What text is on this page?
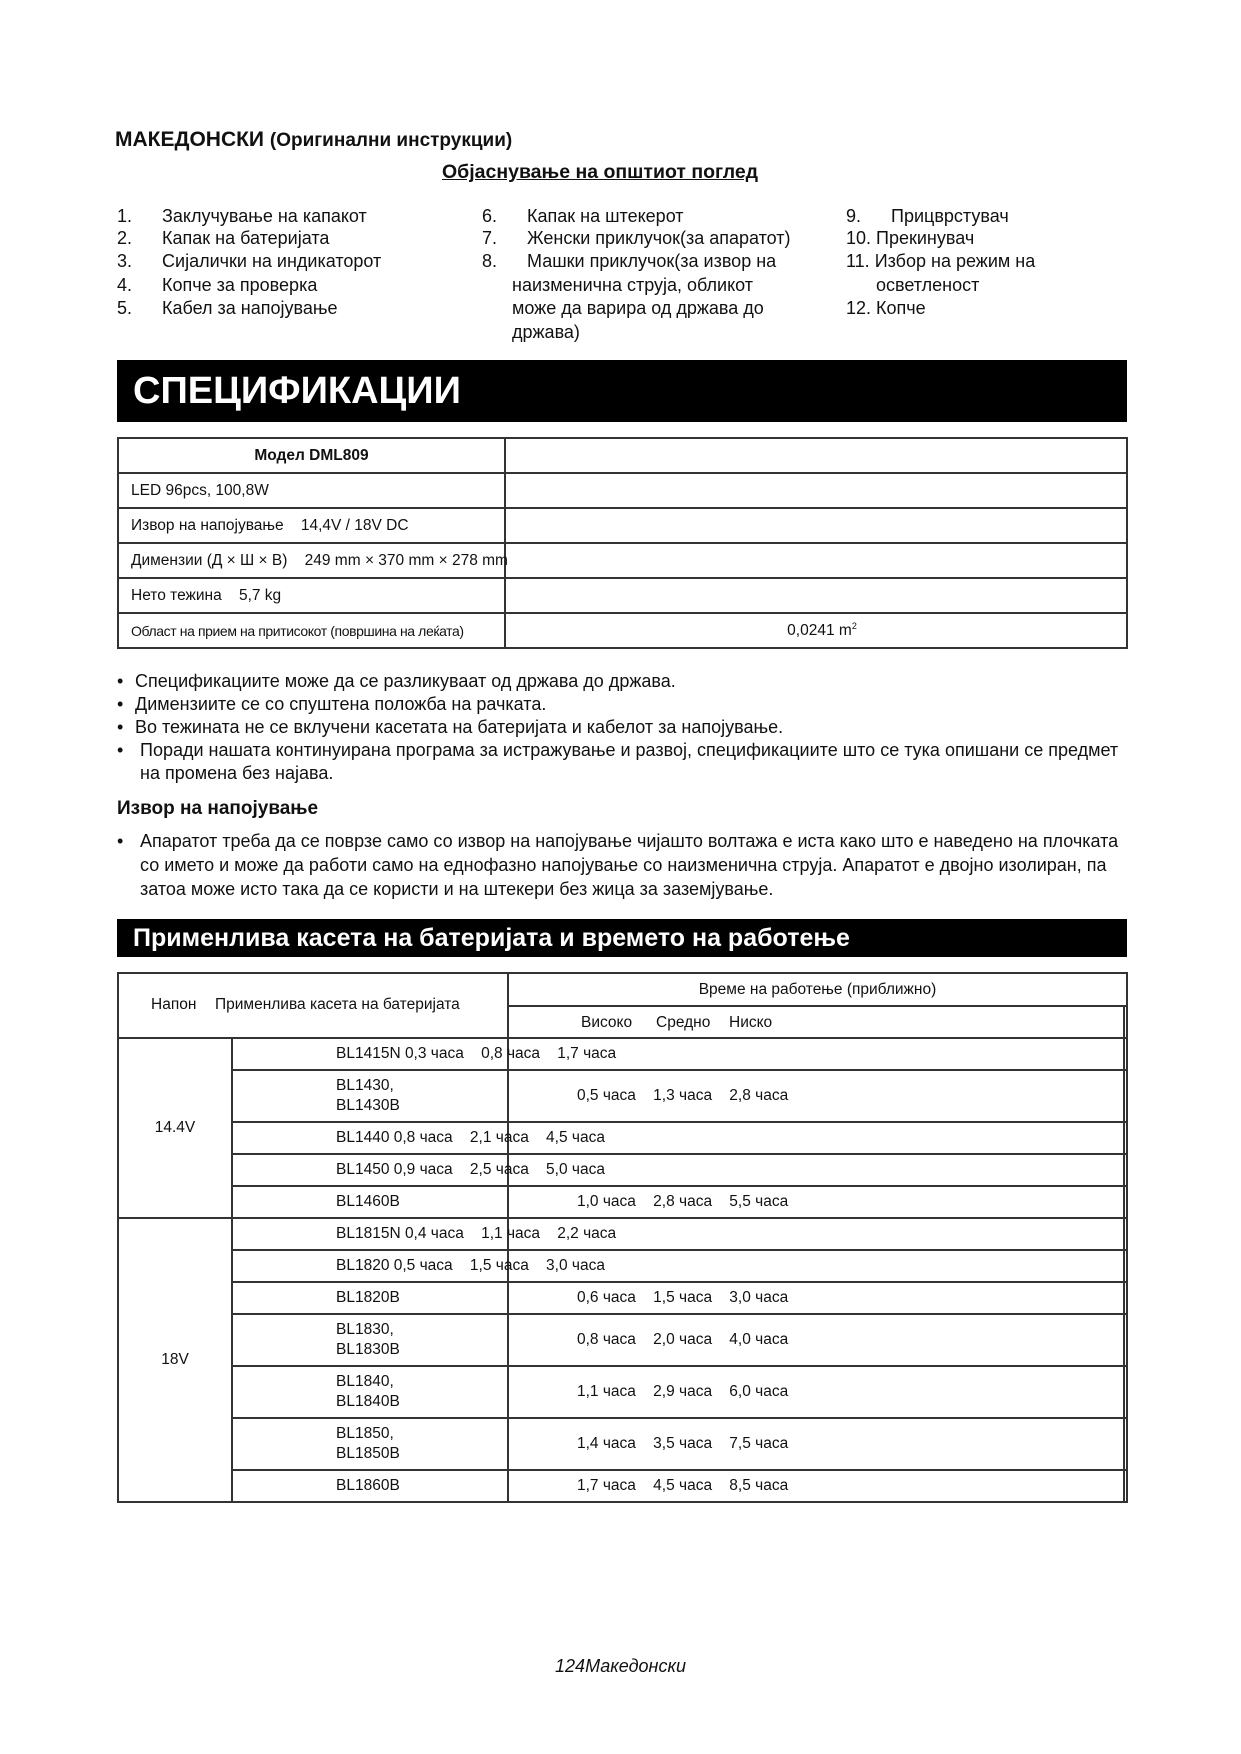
МАКЕДОНСКИ (Оригинални инструкции)
Објаснување на општиот поглед
1.      Заклучување на капакот
2.      Капак на батеријата
3.      Сијалички на индикаторот
4.      Копче за проверка
5.      Кабел за напојување
6.      Капак на штекерот
7.      Женски приклучок(за апаратот)
8.      Машки приклучок(за извор на
наизменична струја, обликот
може да варира од држава до
држава)
9.      Прицврстувач
10. Прекинувач
11. Избор на режим на
осветленост
12. Копче
СПЕЦИФИКАЦИИ
Модел DML809	
LED 96pcs, 100,8W	
Извор на напојување    14,4V / 18V DC	

Димензии (Д × Ш × В)    249 mm × 370 mm × 278 mm	

Нето тежина    5,7 kg	
Област на прием на притисокот (површина на леќата)	0,0241 $m^2$
• Спецификациите може да се разликуваат од држава до држава.
• Димензиите се со спуштена положба на рачката.
• Во тежината не се вклучени касетата на батеријата и кабелот за напојување.
• Поради нашата континуирана програма за истражување и развој, спецификациите што се тука опишани се предмет на промена без најава.
Извор на напојување
• Апаратот треба да се поврзе само со извор на напојување чијашто волтажа е иста како што е наведено на плочката со името и може да работи само на еднофазно напојување со наизменична струја. Апаратот е двојно изолиран, па затоа може исто така да се користи и на штекери без жица за заземјување.
Применлива касета на батеријата и времето на работење
Напон Применлива касета на батеријата		Време на работење (приближно)	

		Високо Средно Ниско	

14.4V	BL1415N 0,3 часа    0,8 часа    1,7 часа		

	BL1430,
BL1430B	0,5 часа    1,3 часа    2,8 часа	

	BL1440 0,8 часа    2,1 часа    4,5 часа		

	BL1450 0,9 часа    2,5 часа    5,0 часа		

	BL1460B	1,0 часа    2,8 часа    5,5 часа	

18V	BL1815N 0,4 часа    1,1 часа    2,2 часа		

	BL1820 0,5 часа    1,5 часа    3,0 часа		

	BL1820B	0,6 часа    1,5 часа    3,0 часа	

	BL1830,
BL1830B	0,8 часа    2,0 часа    4,0 часа	

	BL1840,
BL1840B	1,1 часа    2,9 часа    6,0 часа	

	BL1850,
BL1850B	1,4 часа    3,5 часа    7,5 часа	

	BL1860B	1,7 часа    4,5 часа    8,5 часа	

124Македонски
